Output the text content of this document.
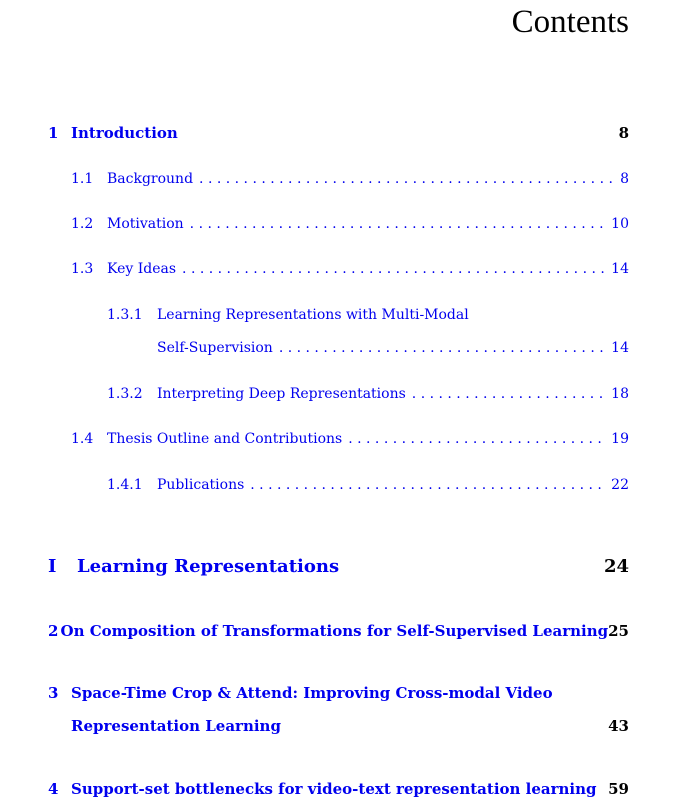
Contents
1 Introduction	8
1.1 Background . . .	8
1.2 Motivation . . .	10
1.3 Key Ideas . . .	14
1.3.1	Learning Representations with Multi-Modal
Self-Supervision . . .	14
1.3.2	Interpreting Deep Representations . . .	18
1.4 Thesis Outline and Contributions . . .	19
1.4.1	Publications . . .	22
I	Learning Representations	24
2 On Composition of Transformations for Self-Supervised Learning 25
3 Space-Time Crop & Attend: Improving Cross-modal Video
Representation Learning	43
4 Support-set bottlenecks for video-text representation learning 59
